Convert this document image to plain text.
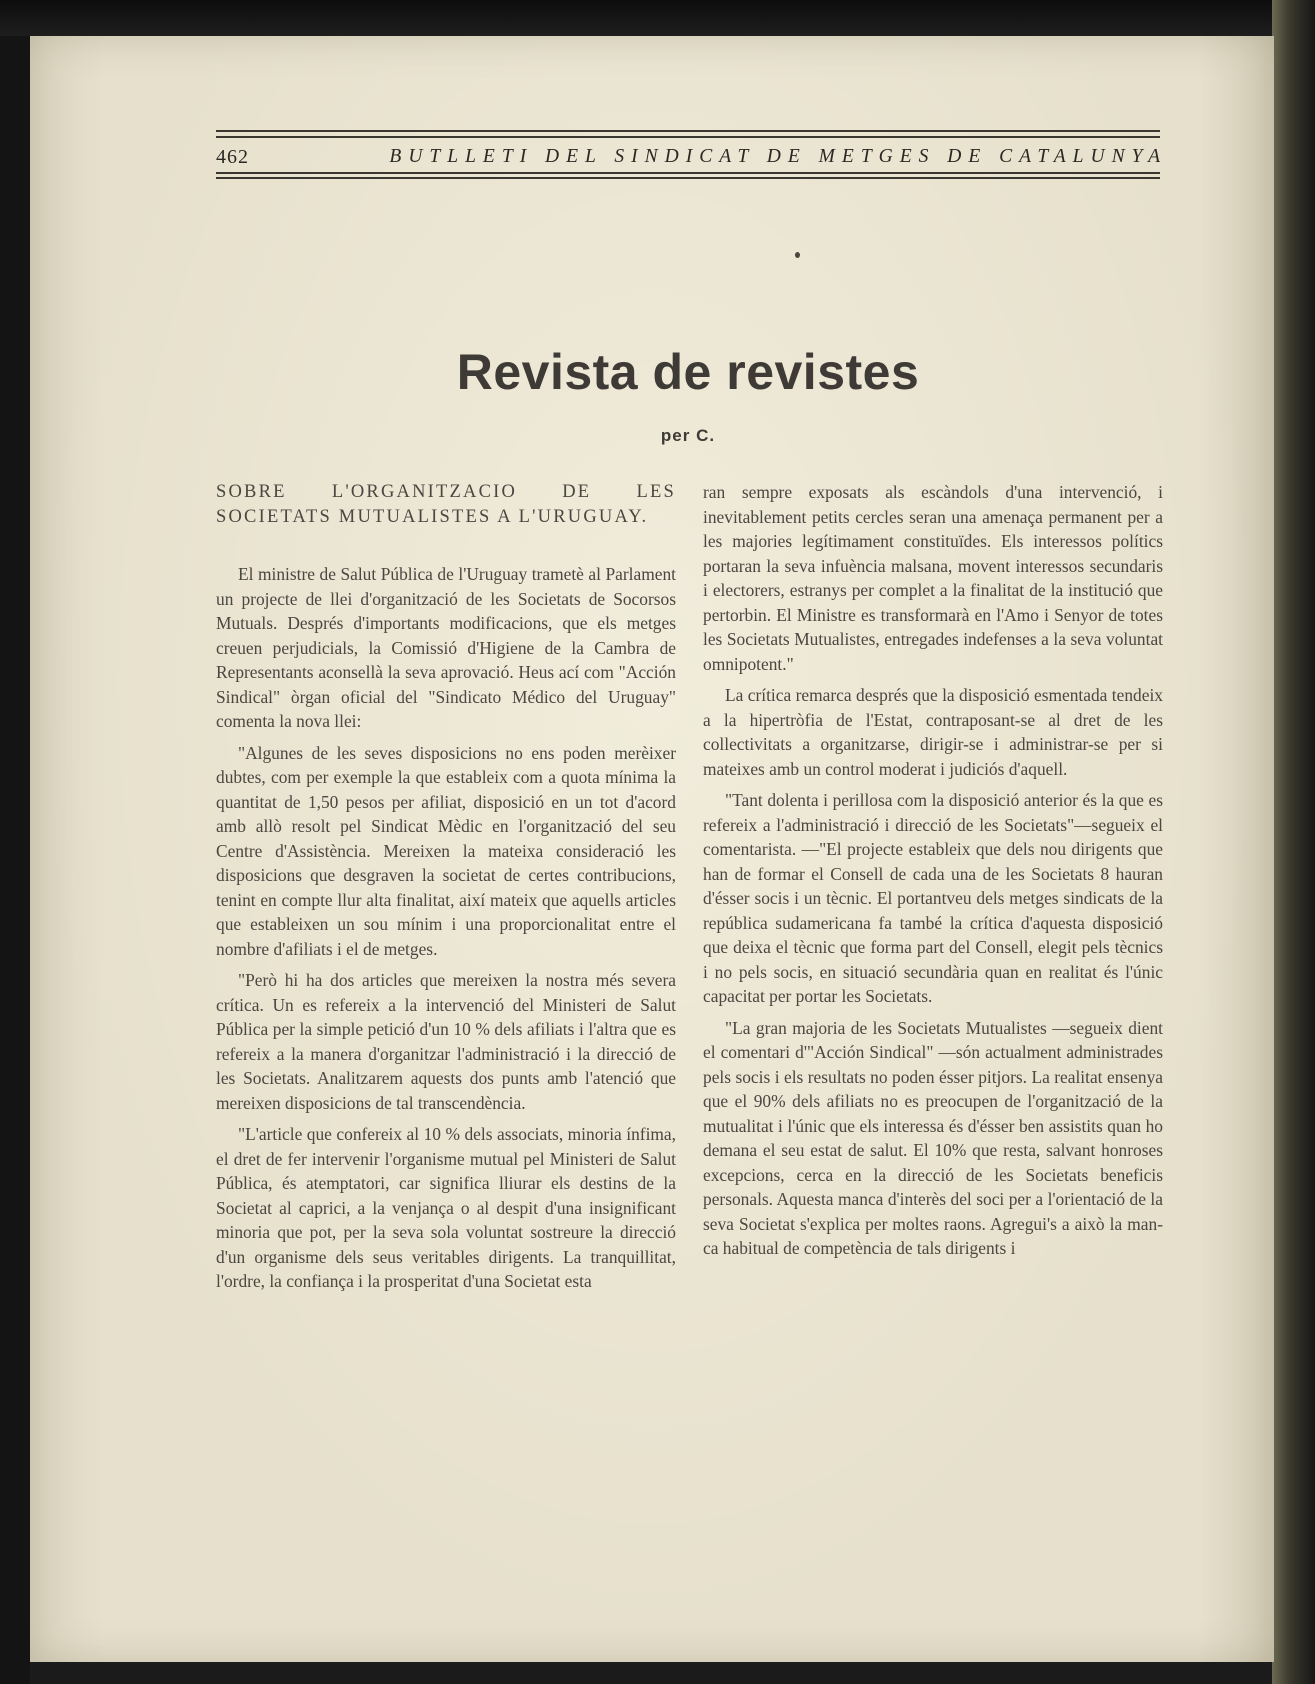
462	BUTLLETI DEL SINDICAT DE METGES DE CATALUNYA
Revista de revistes
per C.
SOBRE L'ORGANITZACIO DE LES SOCIETATS MUTUALISTES A L'URUGUAY.

El ministre de Salut Pública de l'Uruguay trametè al Parlament un projecte de llei d'organització de les Societats de Socorsos Mutuals. Després d'importants modificacions, que els metges creuen perjudicials, la Comissió d'Higiene de la Cambra de Representants aconsellà la seva aprovació. Heus ací com "Acción Sindical" òrgan oficial del "Sindicato Médico del Uruguay" comenta la nova llei:

"Algunes de les seves disposicions no ens poden merèixer dubtes, com per exemple la que estableix com a quota mínima la quantitat de 1,50 pesos per afiliat, disposició en un tot d'acord amb allò resolt pel Sindicat Mèdic en l'organització del seu Centre d'Assistència. Mereixen la mateixa consideració les disposicions que desgraven la societat de certes contribucions, tenint en compte llur alta finalitat, així mateix que aquells articles que estableixen un sou mínim i una proporcionalitat entre el nombre d'afiliats i el de metges.

"Però hi ha dos articles que mereixen la nostra més severa crítica. Un es refereix a la intervenció del Ministeri de Salut Pública per la simple petició d'un 10 % dels afiliats i l'altra que es refereix a la manera d'organitzar l'administració i la direcció de les Societats. Analitzarem aquests dos punts amb l'atenció que mereixen disposicions de tal transcendència.

"L'article que confereix al 10 % dels associats, minoria ínfima, el dret de fer intervenir l'organisme mutual pel Ministeri de Salut Pública, és atemptatori, car significa lliurar els destins de la Societat al caprici, a la venjança o al despit d'una insignificant minoria que pot, per la seva sola voluntat sostreure la direcció d'un organisme dels seus veritables dirigents. La tranquillitat, l'ordre, la confiança i la prosperitat d'una Societat esta

ran sempre exposats als escàndols d'una intervenció, i inevitablement petits cercles seran una amenaça permanent per a les majories legítimament constituïdes. Els interessos polítics portaran la seva infuència malsana, movent interessos secundaris i electorers, estranys per complet a la finalitat de la institució que pertorbin. El Ministre es transformarà en l'Amo i Senyor de totes les Societats Mutualistes, entregades indefenses a la seva voluntat omnipotent."

La crítica remarca després que la disposició esmentada tendeix a la hipertròfia de l'Estat, contraposant-se al dret de les collectivitats a organitzarse, dirigir-se i administrar-se per si mateixes amb un control moderat i judiciós d'aquell.

"Tant dolenta i perillosa com la disposició anterior és la que es refereix a l'administració i direcció de les Societats"—segueix el comentarista. —"El projecte estableix que dels nou dirigents que han de formar el Consell de cada una de les Societats 8 hauran d'ésser socis i un tècnic. El portantveu dels metges sindicats de la república sudamericana fa també la crítica d'aquesta disposició que deixa el tècnic que forma part del Consell, elegit pels tècnics i no pels socis, en situació secundària quan en realitat és l'únic capacitat per portar les Societats.

"La gran majoria de les Societats Mutualistes —segueix dient el comentari d'"Acción Sindical" —són actualment administrades pels socis i els resultats no poden ésser pitjors. La realitat ensenya que el 90% dels afiliats no es preocupen de l'organització de la mutualitat i l'únic que els interessa és d'ésser ben assistits quan ho demana el seu estat de salut. El 10% que resta, salvant honroses excepcions, cerca en la direcció de les Societats beneficis personals. Aquesta manca d'interès del soci per a l'orientació de la seva Societat s'explica per moltes raons. Agregui's a això la manca habitual de competència de tals dirigents i
